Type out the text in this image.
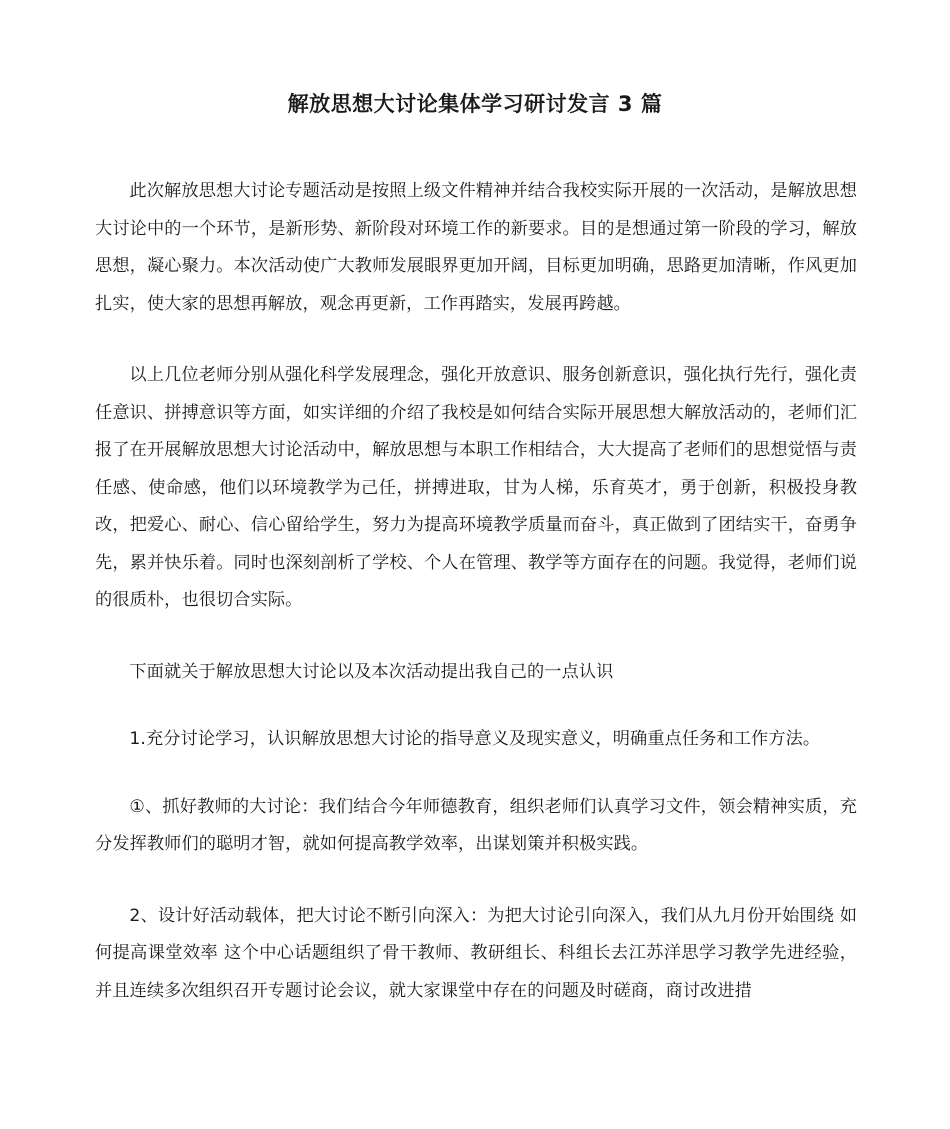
解放思想大讨论集体学习研讨发言 3 篇

此次解放思想大讨论专题活动是按照上级文件精神并结合我校实际开展的一次活动，是解放思想大讨论中的一个环节，是新形势、新阶段对环境工作的新要求。目的是想通过第一阶段的学习，解放思想，凝心聚力。本次活动使广大教师发展眼界更加开阔，目标更加明确，思路更加清晰，作风更加扎实，使大家的思想再解放，观念再更新，工作再踏实，发展再跨越。

以上几位老师分别从强化科学发展理念，强化开放意识、服务创新意识，强化执行先行，强化责任意识、拼搏意识等方面，如实详细的介绍了我校是如何结合实际开展思想大解放活动的，老师们汇报了在开展解放思想大讨论活动中，解放思想与本职工作相结合，大大提高了老师们的思想觉悟与责任感、使命感，他们以环境教学为己任，拼搏进取，甘为人梯，乐育英才，勇于创新，积极投身教改，把爱心、耐心、信心留给学生，努力为提高环境教学质量而奋斗，真正做到了团结实干，奋勇争先，累并快乐着。同时也深刻剖析了学校、个人在管理、教学等方面存在的问题。我觉得，老师们说的很质朴，也很切合实际。

下面就关于解放思想大讨论以及本次活动提出我自己的一点认识

1.充分讨论学习，认识解放思想大讨论的指导意义及现实意义，明确重点任务和工作方法。

①、抓好教师的大讨论：我们结合今年师德教育，组织老师们认真学习文件，领会精神实质，充分发挥教师们的聪明才智，就如何提高教学效率，出谋划策并积极实践。

2、设计好活动载体，把大讨论不断引向深入：为把大讨论引向深入，我们从九月份开始围绕 如何提高课堂效率 这个中心话题组织了骨干教师、教研组长、科组长去江苏洋思学习教学先进经验，并且连续多次组织召开专题讨论会议，就大家课堂中存在的问题及时磋商，商讨改进措
